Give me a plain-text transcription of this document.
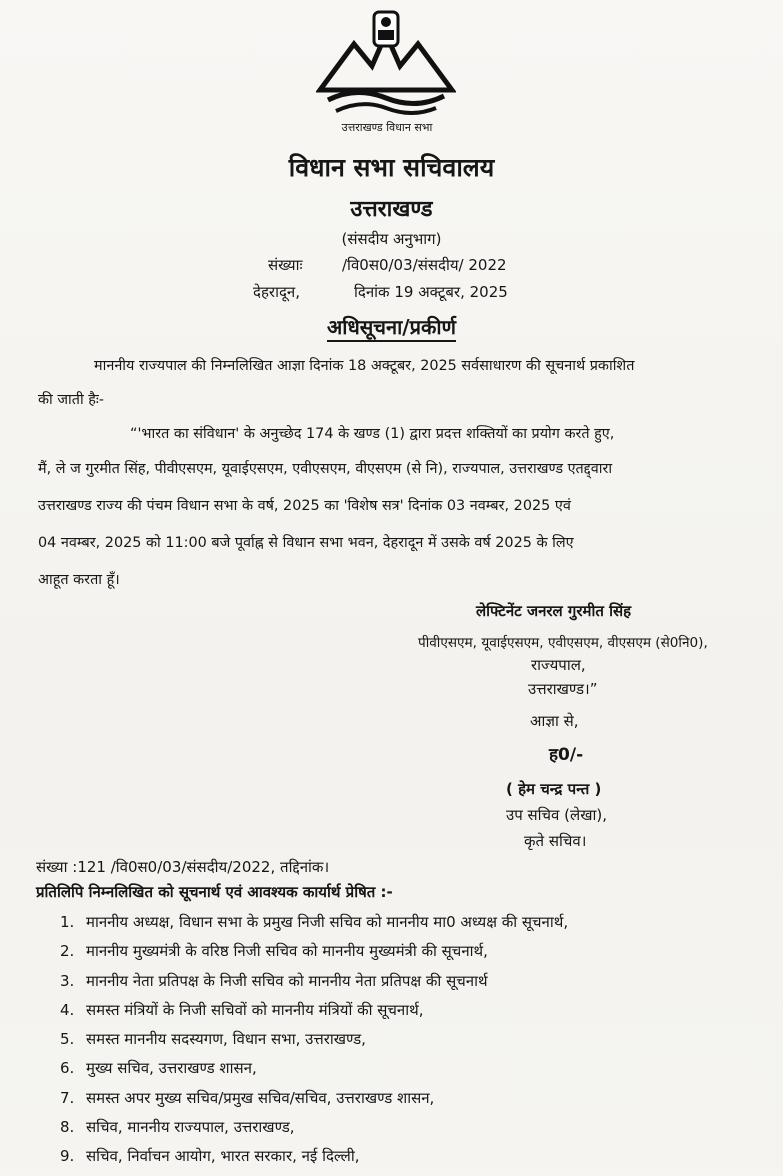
उत्तराखण्ड विधान सभा
विधान सभा सचिवालय
उत्तराखण्ड
(संसदीय अनुभाग)
संख्याः	/वि0स0/03/संसदीय/ 2022
देहरादून,	दिनांक 19 अक्टूबर, 2025
अधिसूचना/प्रकीर्ण
माननीय राज्यपाल की निम्नलिखित आज्ञा दिनांक 18 अक्टूबर, 2025 सर्वसाधारण की सूचनार्थ प्रकाशित
की जाती हैः-
“'भारत का संविधान' के अनुच्छेद 174 के खण्ड (1) द्वारा प्रदत्त शक्तियों का प्रयोग करते हुए,
मैं, ले ज गुरमीत सिंह, पीवीएसएम, यूवाईएसएम, एवीएसएम, वीएसएम (से नि), राज्यपाल, उत्तराखण्ड एतद्द्वारा
उत्तराखण्ड राज्य की पंचम विधान सभा के वर्ष, 2025 का 'विशेष सत्र' दिनांक 03 नवम्बर, 2025 एवं
04 नवम्बर, 2025 को 11:00 बजे पूर्वाह्न से विधान सभा भवन, देहरादून में उसके वर्ष 2025 के लिए
आहूत करता हूँ।
लेफ्टिनेंट जनरल गुरमीत सिंह
पीवीएसएम, यूवाईएसएम, एवीएसएम, वीएसएम (से0नि0),
राज्यपाल,
उत्तराखण्ड।”
आज्ञा से,
ह0/-
( हेम चन्द्र पन्त )
उप सचिव (लेखा),
कृते सचिव।
संख्या :121 /वि0स0/03/संसदीय/2022, तद्दिनांक।
प्रतिलिपि निम्नलिखित को सूचनार्थ एवं आवश्यक कार्यार्थ प्रेषित :-
1. माननीय अध्यक्ष, विधान सभा के प्रमुख निजी सचिव को माननीय मा0 अध्यक्ष की सूचनार्थ,
2. माननीय मुख्यमंत्री के वरिष्ठ निजी सचिव को माननीय मुख्यमंत्री की सूचनार्थ,
3. माननीय नेता प्रतिपक्ष के निजी सचिव को माननीय नेता प्रतिपक्ष की सूचनार्थ
4. समस्त मंत्रियों के निजी सचिवों को माननीय मंत्रियों की सूचनार्थ,
5. समस्त माननीय सदस्यगण, विधान सभा, उत्तराखण्ड,
6. मुख्य सचिव, उत्तराखण्ड शासन,
7. समस्त अपर मुख्य सचिव/प्रमुख सचिव/सचिव, उत्तराखण्ड शासन,
8. सचिव, माननीय राज्यपाल, उत्तराखण्ड,
9. सचिव, निर्वाचन आयोग, भारत सरकार, नई दिल्ली,
